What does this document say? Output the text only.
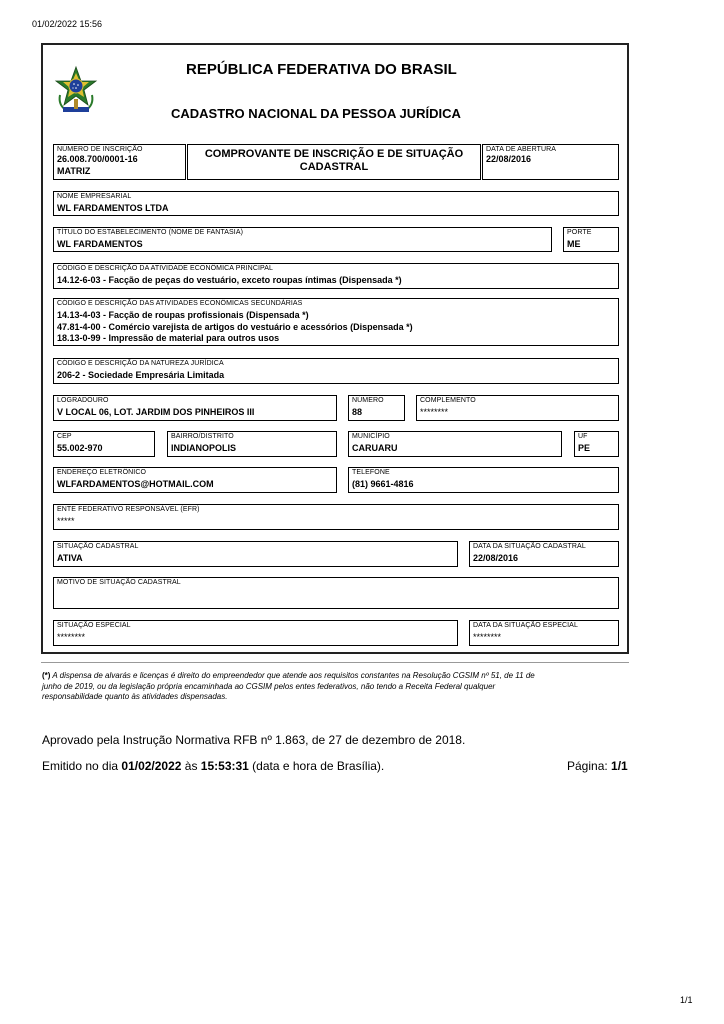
01/02/2022 15:56
REPÚBLICA FEDERATIVA DO BRASIL
CADASTRO NACIONAL DA PESSOA JURÍDICA
NÚMERO DE INSCRIÇÃO
26.008.700/0001-16
MATRIZ
COMPROVANTE DE INSCRIÇÃO E DE SITUAÇÃO
CADASTRAL
DATA DE ABERTURA
22/08/2016
NOME EMPRESARIAL
WL FARDAMENTOS LTDA
TÍTULO DO ESTABELECIMENTO (NOME DE FANTASIA)
WL FARDAMENTOS
PORTE
ME
CÓDIGO E DESCRIÇÃO DA ATIVIDADE ECONÔMICA PRINCIPAL
14.12-6-03 - Facção de peças do vestuário, exceto roupas íntimas (Dispensada *)
CÓDIGO E DESCRIÇÃO DAS ATIVIDADES ECONÔMICAS SECUNDÁRIAS
14.13-4-03 - Facção de roupas profissionais (Dispensada *)
47.81-4-00 - Comércio varejista de artigos do vestuário e acessórios (Dispensada *)
18.13-0-99 - Impressão de material para outros usos
CÓDIGO E DESCRIÇÃO DA NATUREZA JURÍDICA
206-2 - Sociedade Empresária Limitada
LOGRADOURO
V LOCAL 06, LOT. JARDIM DOS PINHEIROS III
NÚMERO
88
COMPLEMENTO
********
CEP
55.002-970
BAIRRO/DISTRITO
INDIANOPOLIS
MUNICÍPIO
CARUARU
UF
PE
ENDEREÇO ELETRÔNICO
WLFARDAMENTOS@HOTMAIL.COM
TELEFONE
(81) 9661-4816
ENTE FEDERATIVO RESPONSÁVEL (EFR)
*****
SITUAÇÃO CADASTRAL
ATIVA
DATA DA SITUAÇÃO CADASTRAL
22/08/2016
MOTIVO DE SITUAÇÃO CADASTRAL
SITUAÇÃO ESPECIAL
********
DATA DA SITUAÇÃO ESPECIAL
********
(*) A dispensa de alvarás e licenças é direito do empreendedor que atende aos requisitos constantes na Resolução CGSIM nº 51, de 11 de
junho de 2019, ou da legislação própria encaminhada ao CGSIM pelos entes federativos, não tendo a Receita Federal qualquer
responsabilidade quanto às atividades dispensadas.
Aprovado pela Instrução Normativa RFB nº 1.863, de 27 de dezembro de 2018.
Emitido no dia 01/02/2022 às 15:53:31 (data e hora de Brasília).	Página: 1/1
1/1
